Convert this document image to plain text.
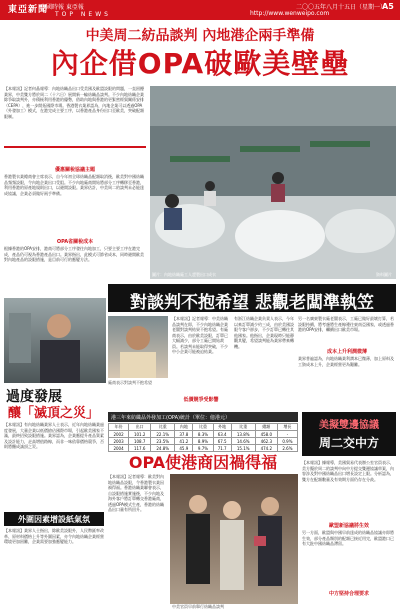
東亞新聞
中國時報 東亞報
TOP NEWS
二〇〇五年八月十五日（星期一）
http://www.wenweipo.com
A5
中美周二紡品談判 內地港企兩手準備
內企借OPA破歐美壁壘
【本報訊】記者何晶報導：內地紡織品出口受美國及歐盟設限的問題，一直困擾業界，中美雙方將於周二（十六日）展開新一輪紡織品談判。不少內地紡織企業除爭取談判外，亦積極利用香港的優勢，借助內地與香港的更緊密經貿關係安排（CEPA），進一步開拓國際市場。香港製衣業界認為，內地企業可以透過OPA（外發加工）模式，在港完成主要工序，以香港產品身份出口至歐美，突破配額限制。
優惠關稅協議主題
香港製衣業總商會主席表示，自今年初全球紡織品配額取消後，歐美對中國紡織品頻頻設限，令內地企業出口受阻。不少內地廠商開始將部分工序轉移至香港，利用香港的原產地規則出口，以避開設限。業界估計，中美周二的談判未必能達成協議，企業必須做好兩手準備。
OPA省關稅成本
根據香港的OPA安排，港商可將部分工序發往內地加工，只要主要工序在港完成，產品仍可視為香港產品出口。業界指出，此模式可節省成本，同時避開歐美對內地產品的設限措施，是目前可行的應變方法。
圖片：內地紡織廠工人趕製出口成衣	資料圖片
過度發展
釀「滅頂之災」
【本報訊】有內地紡織業界人士表示，近年內地紡織業過度發展，大量企業以低價搶佔國際市場，引起歐美國家不滿，最終招致設限措施。業界認為，企業應提升產品質素及設計能力，走高增值路線，而非一味依靠價格競爭，否則將釀成滅頂之災。
外圍因素增設紙氣氛
【本報訊】業界人士指出，除歐美設限外，人民幣匯率改革、原材料價格上升等外圍因素，亦令內地紡織企業經營環境更加困難，企業需要加強應變能力。
對談判不抱希望 悲觀老闆準執笠
廠商表示對談判不抱希望
【本報訊】記者報導：中美紡織品談判在即，不少內地紡織企業老闆對談判結果不抱希望。有廠商表示，由於歐美設限，訂單已大幅減少，部分工廠已開始裁員。若談判未能取得突破，不少中小企業可能被迫結業。
低價競爭受影響
有浙江紡織企業負責人表示，今年以來訂單減少約三成，由於美國設限令客戶卻步，不少訂單已轉往其他國家。他指出，企業現時只能靜觀其變，希望談判能為業界帶來轉機。
另一名廣東製衣廠老闆表示，工廠已做好最壞打算，若設限持續，將考慮將生產線遷往東南亞國家，或透過香港的OPA安排，繼續出口歐美市場。
成本上升利潤微薄
業界普遍認為，內地紡織業利潤本已微薄，加上原料及工資成本上升，企業經營更為艱難。
港三年來紡織品外發加工(OPA)統計（單位：億港元）
年份	出口	比重	內地	比重	外地	比重	總額	增長
2002	101.2	22.1%	37.8	8.3%	63.4	13.8%	458.0	-
2003	108.7	23.5%	41.2	8.9%	67.5	14.6%	462.3	0.9%
2004	117.6	24.8%	45.9	9.7%	71.7	15.1%	474.2	2.6%
OPA使港商因禍得福
【本報訊】記者報導：歐美對內地紡織品設限，令香港製衣業因禍得福。香港紡織業聯會表示，自設限措施實施後，不少內地及海外客戶將訂單轉交香港廠商，透過OPA模式生產，香港的紡織品出口量有所回升。
中美官員早前舉行紡織品談判
美擬雙邊協議
周二交中方
【本報訊】據報導，美國貿易代表辦公室官員表示，美方擬於周二的談判中向中方提交雙邊協議草案，內容涉及對中國紡織品出口增長設定上限。分析認為，雙方在配額數量及有效期方面仍存在分歧。
歐盟新協議將生效
另一方面，歐盟與中國早前達成的紡織品協議亦即將生效，部分產品類別的配額已接近用完，歐盟港口已有大批中國紡織品滯留。
中方堅持合理要求
